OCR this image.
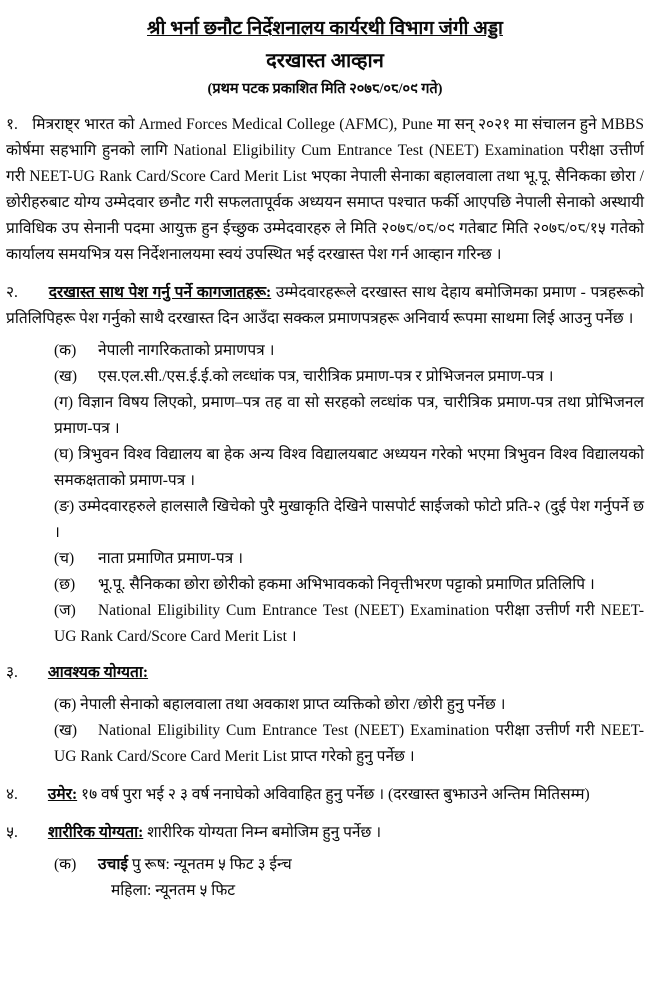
श्री भर्ना छनौट निर्देशनालय कार्यरथी विभाग जंगी अड्डा
दरखास्त आव्हान
(प्रथम पटक प्रकाशित मिति २०७८/०८/०९ गते)

१. मित्रराष्ट्र भारत को Armed Forces Medical College (AFMC), Pune मा सन् २०२१ मा संचालन हुने MBBS कोर्षमा सहभागि हुनको लागि National Eligibility Cum Entrance Test (NEET) Examination परीक्षा उत्तीर्ण गरी NEET-UG Rank Card/Score Card Merit List भएका नेपाली सेनाका बहालवाला तथा भू.पू. सैनिकका छोरा /छोरीहरुबाट योग्य उम्मेदवार छनौट गरी सफलतापूर्वक अध्ययन समाप्त पश्चात फर्की आएपछि नेपाली सेनाको अस्थायी प्राविधिक उप सेनानी पदमा आयुक्त हुन ईच्छुक उम्मेदवारहरु ले मिति २०७८/०८/०९ गतेबाट मिति २०७८/०८/१५ गतेको कार्यालय समयभित्र यस निर्देशनालयमा स्वयं उपस्थित भई दरखास्त पेश गर्न आव्हान गरिन्छ ।

२. दरखास्त साथ पेश गर्नु पर्ने कागजातहरू: उम्मेदवारहरूले दरखास्त साथ देहाय बमोजिमका प्रमाण - पत्रहरूको प्रतिलिपिहरू पेश गर्नुको साथै दरखास्त दिन आउँदा सक्कल प्रमाणपत्रहरू अनिवार्य रूपमा साथमा लिई आउनु पर्नेछ ।

(क) नेपाली नागरिकताको प्रमाणपत्र ।

(ख) एस.एल.सी./एस.ई.ई.को लव्धांक पत्र, चारीत्रिक प्रमाण-पत्र र प्रोभिजनल प्रमाण-पत्र ।

(ग) विज्ञान विषय लिएको, प्रमाण–पत्र तह वा सो सरहको लव्धांक पत्र, चारीत्रिक प्रमाण-पत्र तथा प्रोभिजनल प्रमाण-पत्र ।

(घ) त्रिभुवन विश्व विद्यालय बा हेक अन्य विश्व विद्यालयबाट अध्ययन गरेको भएमा त्रिभुवन विश्व विद्यालयको समकक्षताको प्रमाण-पत्र ।

(ङ) उम्मेदवारहरुले हालसालै खिचेको पुरै मुखाकृति देखिने पासपोर्ट साईजको फोटो प्रति-२ (दुई पेश गर्नुपर्ने छ ।

(च) नाता प्रमाणित प्रमाण-पत्र ।

(छ) भू.पू. सैनिकका छोरा छोरीको हकमा अभिभावकको निवृत्तीभरण पट्टाको प्रमाणित प्रतिलिपि ।

(ज) National Eligibility Cum Entrance Test (NEET) Examination परीक्षा उत्तीर्ण गरी NEET-UG Rank Card/Score Card Merit List ।

३. आवश्यक योग्यता:

(क) नेपाली सेनाको बहालवाला तथा अवकाश प्राप्त व्यक्तिको छोरा /छोरी हुनु पर्नेछ ।

(ख) National Eligibility Cum Entrance Test (NEET) Examination परीक्षा उत्तीर्ण गरी NEET-UG Rank Card/Score Card Merit List प्राप्त गरेको हुनु पर्नेछ ।

४. उमेर: १७ वर्ष पुरा भई २ ३ वर्ष ननाघेको अविवाहित हुनु पर्नेछ । (दरखास्त बुझाउने अन्तिम मितिसम्म)

५. शारीरिक योग्यता: शारीरिक योग्यता निम्न बमोजिम हुनु पर्नेछ ।

(क) उचाई पु रूष: न्यूनतम ५ फिट ३ ईन्च

महिला: न्यूनतम ५ फिट
